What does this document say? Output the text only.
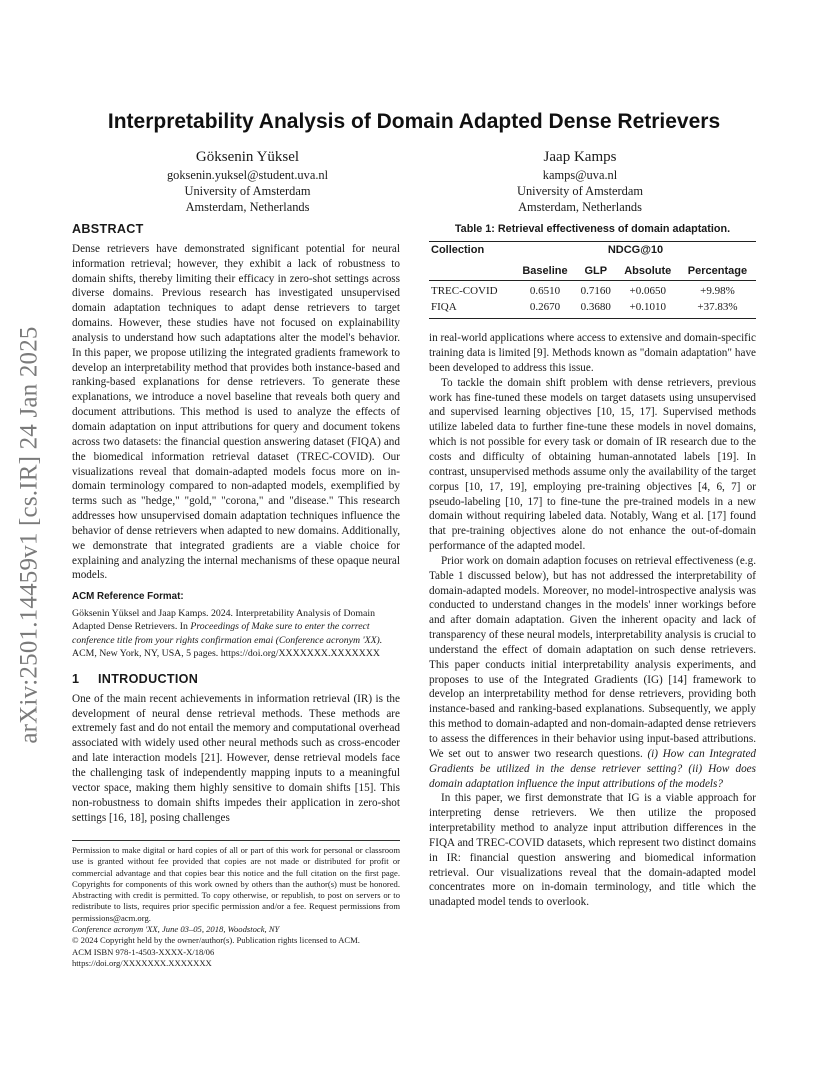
arXiv:2501.14459v1 [cs.IR] 24 Jan 2025
Interpretability Analysis of Domain Adapted Dense Retrievers
Göksenin Yüksel
goksenin.yuksel@student.uva.nl
University of Amsterdam
Amsterdam, Netherlands
Jaap Kamps
kamps@uva.nl
University of Amsterdam
Amsterdam, Netherlands
ABSTRACT

Dense retrievers have demonstrated significant potential for neural information retrieval; however, they exhibit a lack of robustness to domain shifts, thereby limiting their efficacy in zero-shot settings across diverse domains. Previous research has investigated unsupervised domain adaptation techniques to adapt dense retrievers to target domains. However, these studies have not focused on explainability analysis to understand how such adaptations alter the model's behavior. In this paper, we propose utilizing the integrated gradients framework to develop an interpretability method that provides both instance-based and ranking-based explanations for dense retrievers. To generate these explanations, we introduce a novel baseline that reveals both query and document attributions. This method is used to analyze the effects of domain adaptation on input attributions for query and document tokens across two datasets: the financial question answering dataset (FIQA) and the biomedical information retrieval dataset (TREC-COVID). Our visualizations reveal that domain-adapted models focus more on in-domain terminology compared to non-adapted models, exemplified by terms such as "hedge," "gold," "corona," and "disease." This research addresses how unsupervised domain adaptation techniques influence the behavior of dense retrievers when adapted to new domains. Additionally, we demonstrate that integrated gradients are a viable choice for explaining and analyzing the internal mechanisms of these opaque neural models.

ACM Reference Format:
Göksenin Yüksel and Jaap Kamps. 2024. Interpretability Analysis of Domain Adapted Dense Retrievers. In Proceedings of Make sure to enter the correct conference title from your rights confirmation emai (Conference acronym 'XX). ACM, New York, NY, USA, 5 pages. https://doi.org/XXXXXXX.XXXXXXX
1 INTRODUCTION

One of the main recent achievements in information retrieval (IR) is the development of neural dense retrieval methods. These methods are extremely fast and do not entail the memory and computational overhead associated with widely used other neural methods such as cross-encoder and late interaction models [21]. However, dense retrieval models face the challenging task of independently mapping inputs to a meaningful vector space, making them highly sensitive to domain shifts [15]. This non-robustness to domain shifts impedes their application in zero-shot settings [16, 18], posing challenges

Table 1: Retrieval effectiveness of domain adaptation.
Collection	NDCG@10			
	Baseline	GLP	Absolute	Percentage
TREC-COVID	0.6510	0.7160	+0.0650	+9.98%
FIQA	0.2670	0.3680	+0.1010	+37.83%

in real-world applications where access to extensive and domain-specific training data is limited [9]. Methods known as "domain adaptation" have been developed to address this issue.

To tackle the domain shift problem with dense retrievers, previous work has fine-tuned these models on target datasets using unsupervised and supervised learning objectives [10, 15, 17]. Supervised methods utilize labeled data to further fine-tune these models in novel domains, which is not possible for every task or domain of IR research due to the costs and difficulty of obtaining human-annotated labels [19]. In contrast, unsupervised methods assume only the availability of the target corpus [10, 17, 19], employing pre-training objectives [4, 6, 7] or pseudo-labeling [10, 17] to fine-tune the pre-trained models in a new domain without requiring labeled data. Notably, Wang et al. [17] found that pre-training objectives alone do not enhance the out-of-domain performance of the adapted model.

Prior work on domain adaption focuses on retrieval effectiveness (e.g. Table 1 discussed below), but has not addressed the interpretability of domain-adapted models. Moreover, no model-introspective analysis was conducted to understand changes in the models' inner workings before and after domain adaptation. Given the inherent opacity and lack of transparency of these neural models, interpretability analysis is crucial to understand the effect of domain adaptation on such dense retrievers. This paper conducts initial interpretability analysis experiments, and proposes to use of the Integrated Gradients (IG) [14] framework to develop an interpretability method for dense retrievers, providing both instance-based and ranking-based explanations. Subsequently, we apply this method to domain-adapted and non-domain-adapted dense retrievers to assess the differences in their behavior using input-based attributions. We set out to answer two research questions. (i) How can Integrated Gradients be utilized in the dense retriever setting? (ii) How does domain adaptation influence the input attributions of the models?

In this paper, we first demonstrate that IG is a viable approach for interpreting dense retrievers. We then utilize the proposed interpretability method to analyze input attribution differences in the FIQA and TREC-COVID datasets, which represent two distinct domains in IR: financial question answering and biomedical information retrieval. Our visualizations reveal that the domain-adapted model concentrates more on in-domain terminology, and title which the unadapted model tends to overlook.

Permission to make digital or hard copies of all or part of this work for personal or classroom use is granted without fee provided that copies are not made or distributed for profit or commercial advantage and that copies bear this notice and the full citation on the first page. Copyrights for components of this work owned by others than the author(s) must be honored. Abstracting with credit is permitted. To copy otherwise, or republish, to post on servers or to redistribute to lists, requires prior specific permission and/or a fee. Request permissions from permissions@acm.org.

Conference acronym 'XX, June 03–05, 2018, Woodstock, NY
© 2024 Copyright held by the owner/author(s). Publication rights licensed to ACM.
ACM ISBN 978-1-4503-XXXX-X/18/06
https://doi.org/XXXXXXX.XXXXXXX
